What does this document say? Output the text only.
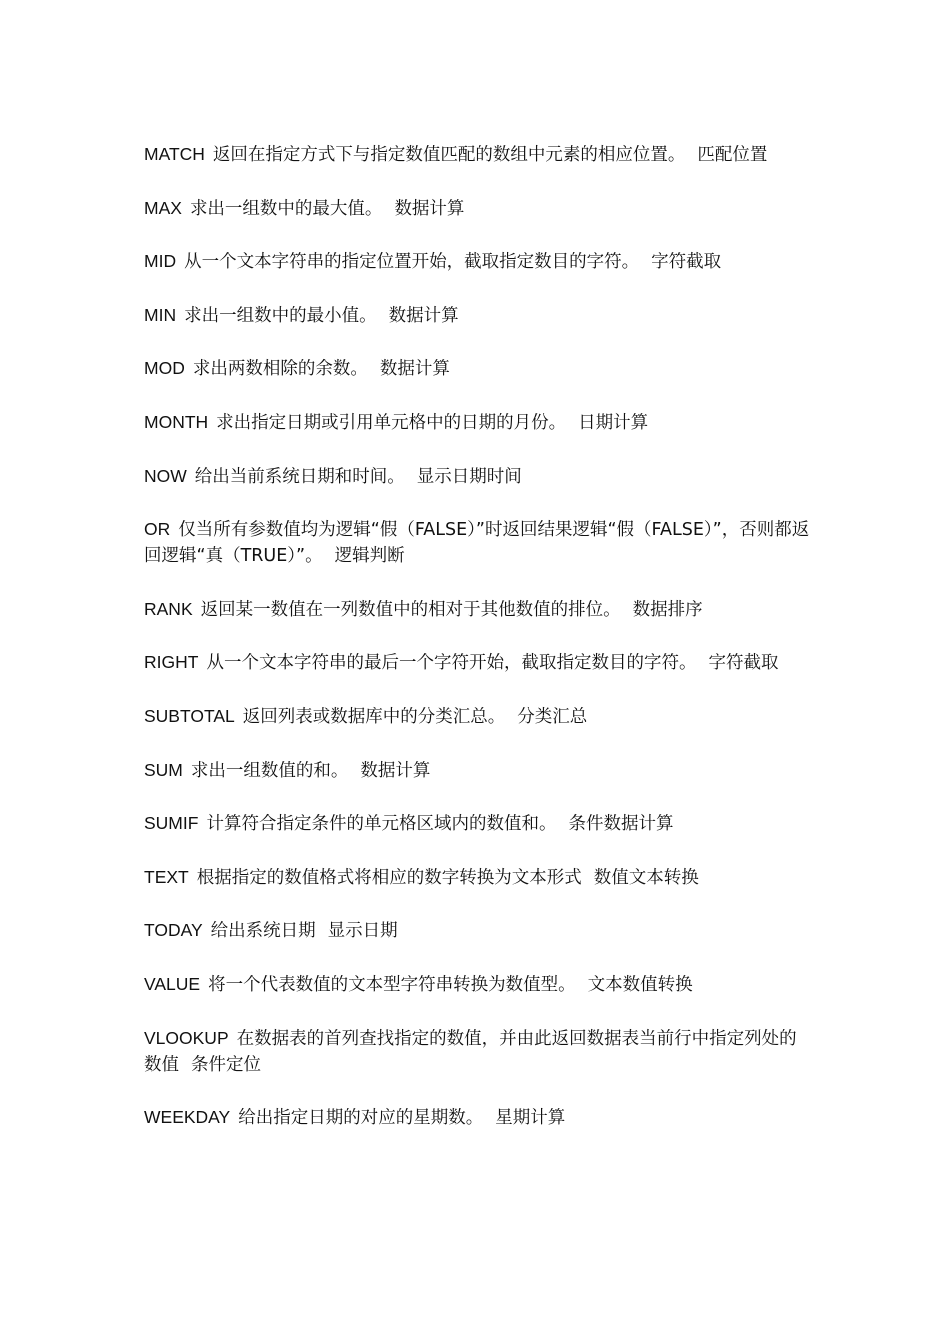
MATCH 返回在指定方式下与指定数值匹配的数组中元素的相应位置。 匹配位置
MAX 求出一组数中的最大值。 数据计算
MID 从一个文本字符串的指定位置开始，截取指定数目的字符。 字符截取
MIN 求出一组数中的最小值。 数据计算
MOD 求出两数相除的余数。 数据计算
MONTH 求出指定日期或引用单元格中的日期的月份。 日期计算
NOW 给出当前系统日期和时间。 显示日期时间
OR 仅当所有参数值均为逻辑“假（FALSE）”时返回结果逻辑“假（FALSE）”，否则都返回逻辑“真（TRUE）”。 逻辑判断
RANK 返回某一数值在一列数值中的相对于其他数值的排位。 数据排序
RIGHT 从一个文本字符串的最后一个字符开始，截取指定数目的字符。 字符截取
SUBTOTAL 返回列表或数据库中的分类汇总。 分类汇总
SUM 求出一组数值的和。 数据计算
SUMIF 计算符合指定条件的单元格区域内的数值和。 条件数据计算
TEXT 根据指定的数值格式将相应的数字转换为文本形式 数值文本转换
TODAY 给出系统日期 显示日期
VALUE 将一个代表数值的文本型字符串转换为数值型。 文本数值转换
VLOOKUP 在数据表的首列查找指定的数值，并由此返回数据表当前行中指定列处的数值 条件定位
WEEKDAY 给出指定日期的对应的星期数。 星期计算
